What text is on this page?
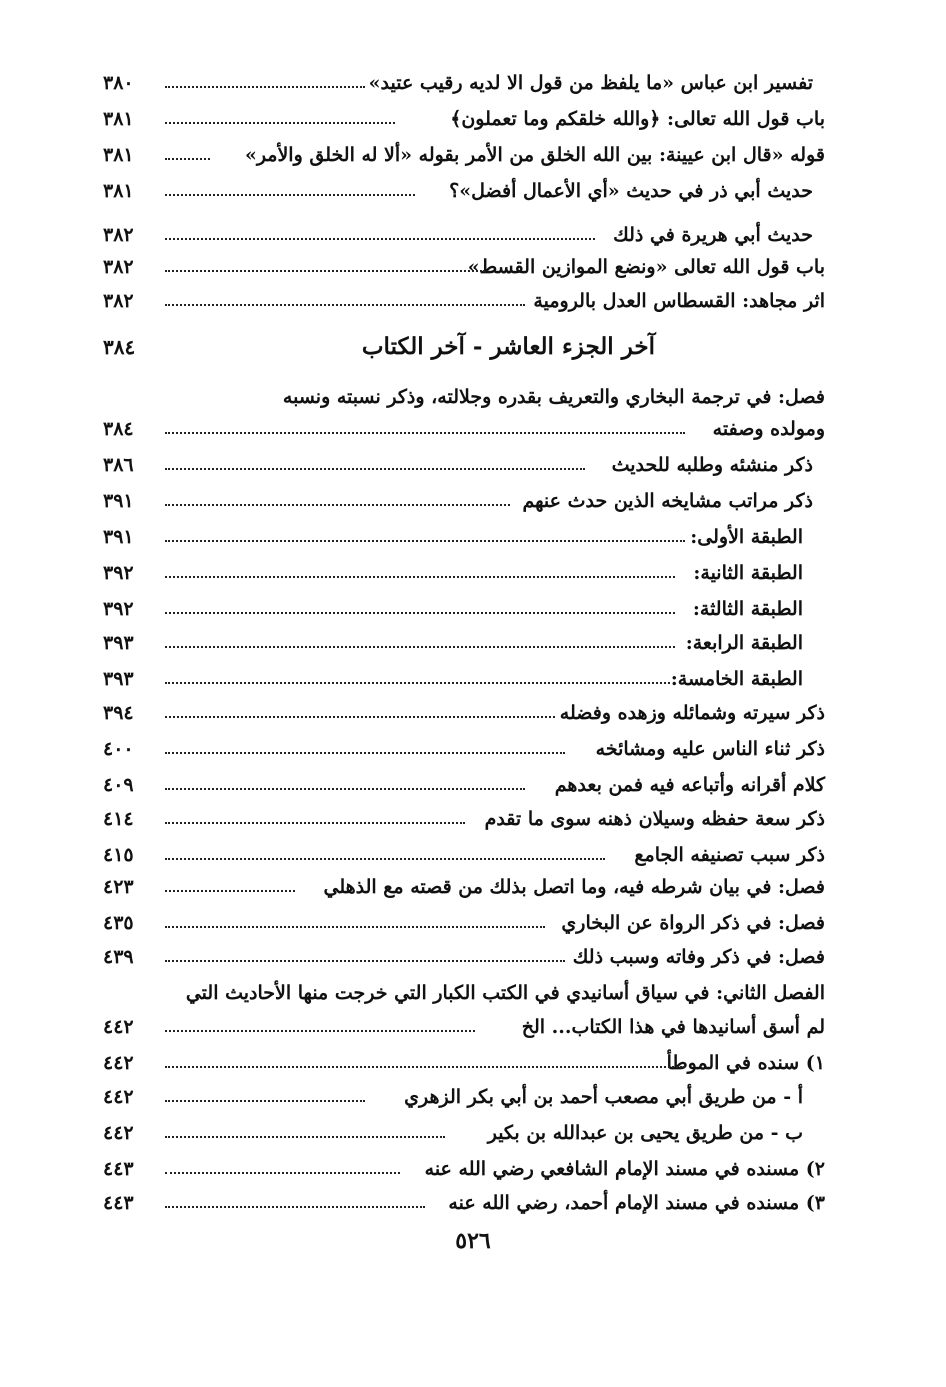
تفسير ابن عباس «ما يلفظ من قول الا لديه رقيب عتيد»
٣٨٠
باب قول الله تعالى: ﴿والله خلقكم وما تعملون﴾
٣٨١
قوله «قال ابن عيينة: بين الله الخلق من الأمر بقوله «ألا له الخلق والأمر»
٣٨١
حديث أبي ذر في حديث «أي الأعمال أفضل»؟
٣٨١
حديث أبي هريرة في ذلك
٣٨٢
باب قول الله تعالى «ونضع الموازين القسط»
٣٨٢
اثر مجاهد: القسطاس العدل بالرومية
٣٨٢
آخر الجزء العاشر - آخر الكتاب
٣٨٤
فصل: في ترجمة البخاري والتعريف بقدره وجلالته، وذكر نسبته ونسبه
ومولده وصفته
٣٨٤
ذكر منشئه وطلبه للحديث
٣٨٦
ذكر مراتب مشايخه الذين حدث عنهم
٣٩١
الطبقة الأولى:
٣٩١
الطبقة الثانية:
٣٩٢
الطبقة الثالثة:
٣٩٢
الطبقة الرابعة:
٣٩٣
الطبقة الخامسة:
٣٩٣
ذكر سيرته وشمائله وزهده وفضله
٣٩٤
ذكر ثناء الناس عليه ومشائخه
٤٠٠
كلام أقرانه وأتباعه فيه فمن بعدهم
٤٠٩
ذكر سعة حفظه وسيلان ذهنه سوى ما تقدم
٤١٤
ذكر سبب تصنيفه الجامع
٤١٥
فصل: في بيان شرطه فيه، وما اتصل بذلك من قصته مع الذهلي
٤٢٣
فصل: في ذكر الرواة عن البخاري
٤٣٥
فصل: في ذكر وفاته وسبب ذلك
٤٣٩
الفصل الثاني: في سياق أسانيدي في الكتب الكبار التي خرجت منها الأحاديث التي
لم أسق أسانيدها في هذا الكتاب... الخ
٤٤٢
١) سنده في الموطأ
٤٤٢
أ - من طريق أبي مصعب أحمد بن أبي بكر الزهري
٤٤٢
ب - من طريق يحيى بن عبدالله بن بكير
٤٤٢
٢) مسنده في مسند الإمام الشافعي رضي الله عنه
٤٤٣
٣) مسنده في مسند الإمام أحمد، رضي الله عنه
٤٤٣
٥٢٦
